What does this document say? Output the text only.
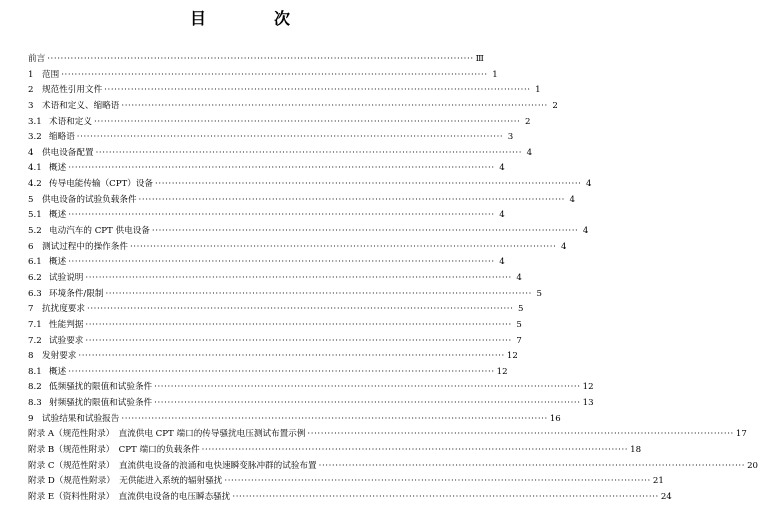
目　次
前言 ·····	Ⅲ
1 范围 ·····	1
2 规范性引用文件 ·····	1
3 术语和定义、缩略语 ·····	2
3.1 术语和定义 ·····	2
3.2 缩略语 ·····	3
4 供电设备配置 ·····	4
4.1 概述 ·····	4
4.2 传导电能传输（CPT）设备 ·····	4
5 供电设备的试验负载条件 ·····	4
5.1 概述 ·····	4
5.2 电动汽车的 CPT 供电设备 ·····	4
6 测试过程中的操作条件 ·····	4
6.1 概述 ·····	4
6.2 试验说明 ·····	4
6.3 环境条件/限制 ·····	5
7 抗扰度要求 ·····	5
7.1 性能判据 ·····	5
7.2 试验要求 ·····	7
8 发射要求 ·····	12
8.1 概述 ·····	12
8.2 低频骚扰的限值和试验条件 ·····	12
8.3 射频骚扰的限值和试验条件 ·····	13
9 试验结果和试验报告 ·····	16
附录 A（规范性附录）　直流供电 CPT 端口的传导骚扰电压测试布置示例 ·····	17
附录 B（规范性附录）　CPT 端口的负载条件 ·····	18
附录 C（规范性附录）　直流供电设备的浪涌和电快速瞬变脉冲群的试验布置 ·····	20
附录 D（规范性附录）　无供能进入系统的辐射骚扰 ·····	21
附录 E（资料性附录）　直流供电设备的电压瞬态骚扰 ·····	24
